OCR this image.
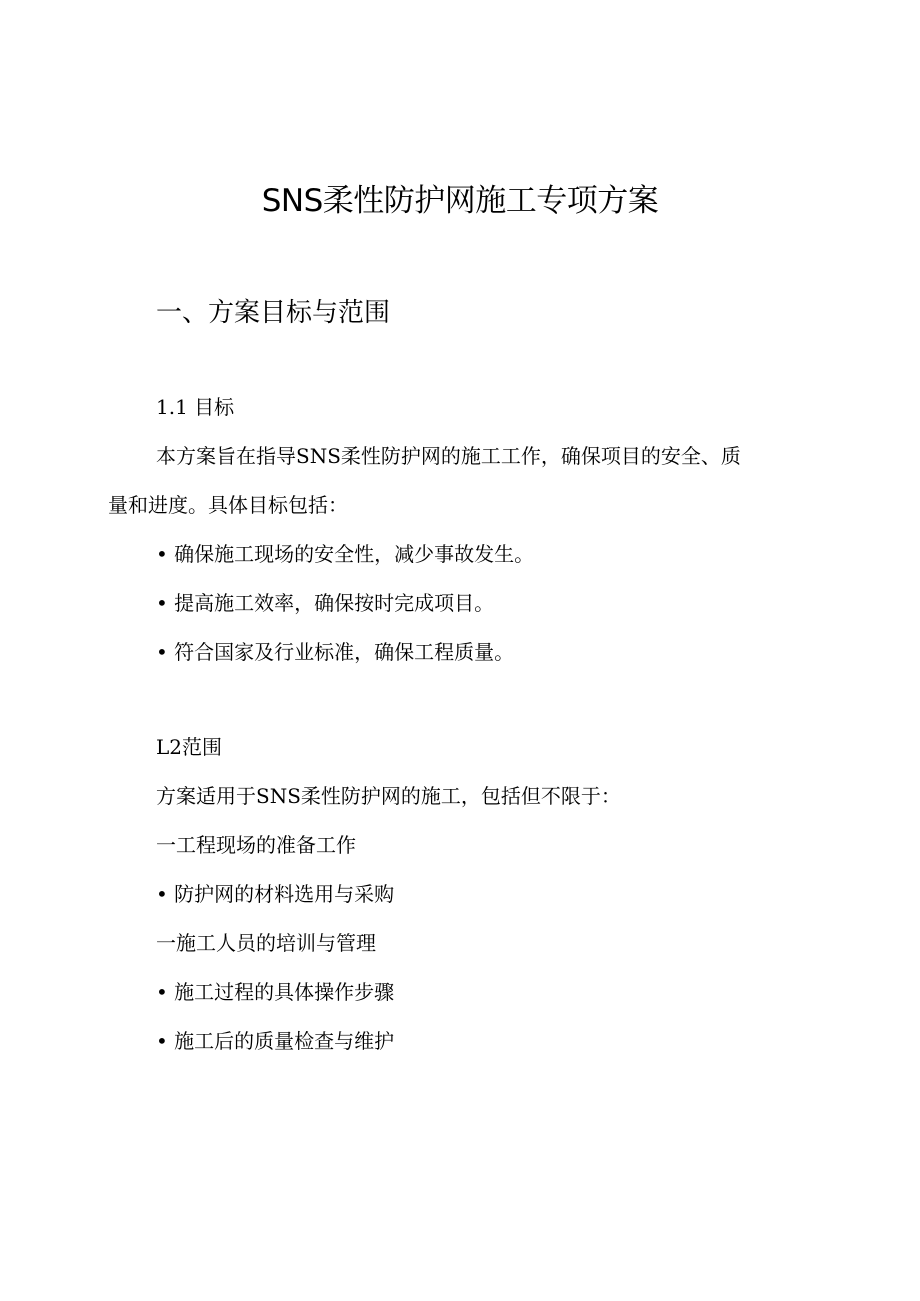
SNS柔性防护网施工专项方案
一、方案目标与范围
1.1 目标
本方案旨在指导SNS柔性防护网的施工工作，确保项目的安全、质
量和进度。具体目标包括：
• 确保施工现场的安全性，减少事故发生。
• 提高施工效率，确保按时完成项目。
• 符合国家及行业标准，确保工程质量。
L2范围
方案适用于SNS柔性防护网的施工，包括但不限于：
一工程现场的准备工作
• 防护网的材料选用与采购
一施工人员的培训与管理
• 施工过程的具体操作步骤
• 施工后的质量检查与维护
